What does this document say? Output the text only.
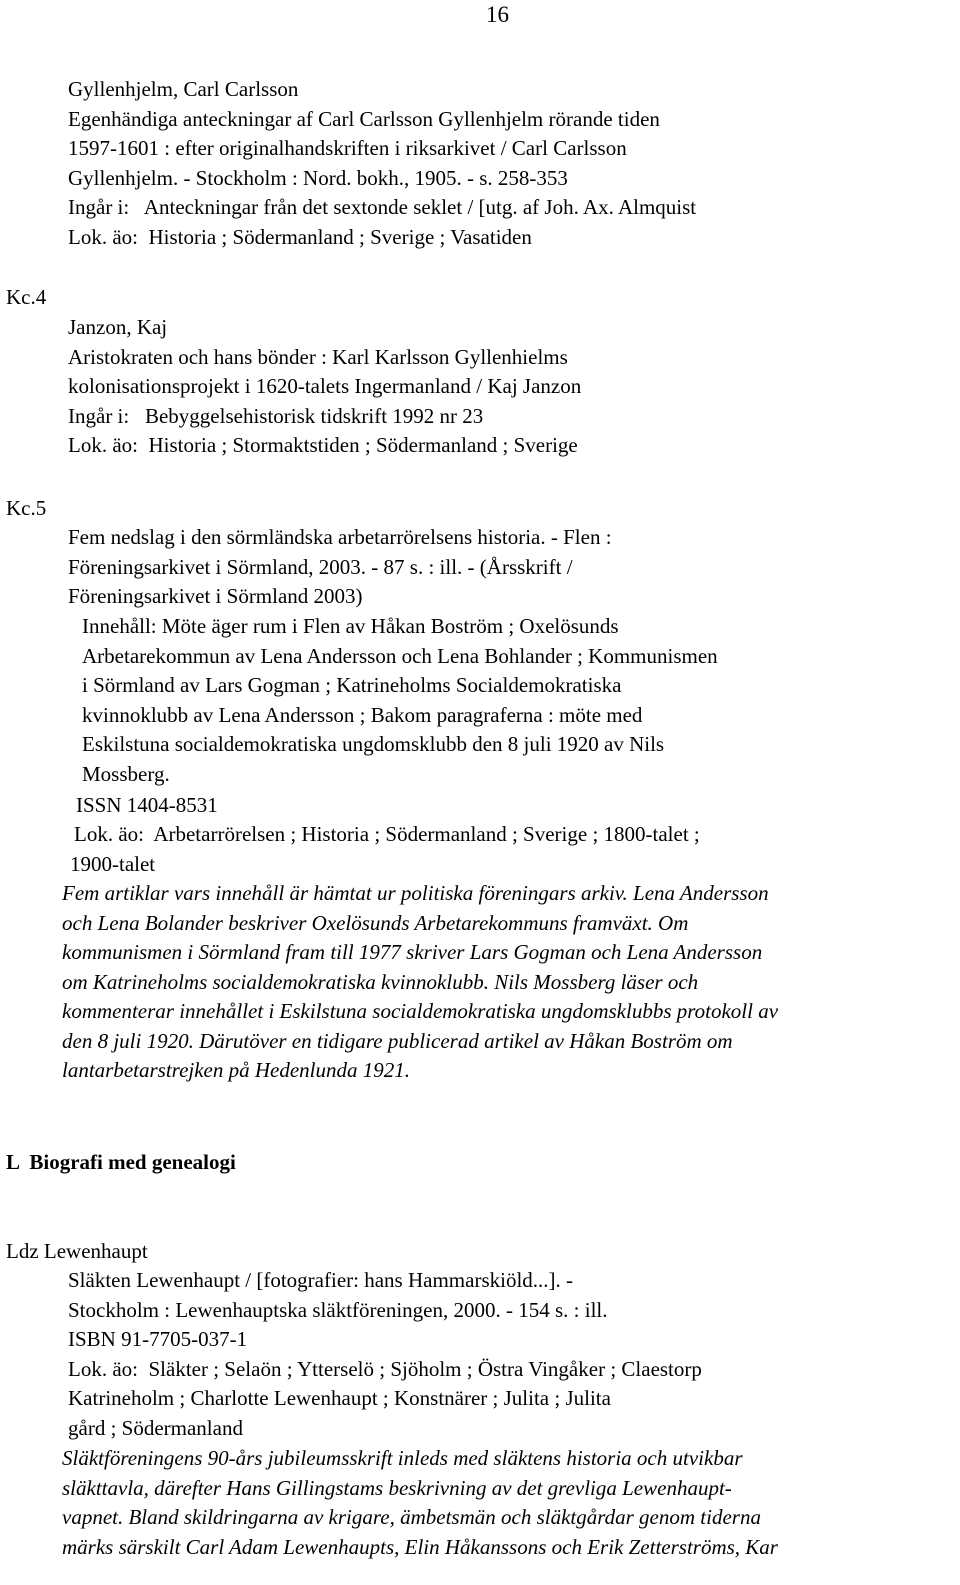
16
Gyllenhjelm, Carl Carlsson
Egenhändiga anteckningar af Carl Carlsson Gyllenhjelm rörande tiden
1597-1601 : efter originalhandskriften i riksarkivet / Carl Carlsson
Gyllenhjelm. - Stockholm : Nord. bokh., 1905. - s. 258-353
Ingår i:   Anteckningar från det sextonde seklet / [utg. af Joh. Ax. Almquist
Lok. äo:  Historia ; Södermanland ; Sverige ; Vasatiden
Kc.4
Janzon, Kaj
Aristokraten och hans bönder : Karl Karlsson Gyllenhielms
kolonisationsprojekt i 1620-talets Ingermanland / Kaj Janzon
Ingår i:   Bebyggelsehistorisk tidskrift 1992 nr 23
Lok. äo:  Historia ; Stormaktstiden ; Södermanland ; Sverige
Kc.5
Fem nedslag i den sörmländska arbetarrörelsens historia. - Flen :
Föreningsarkivet i Sörmland, 2003. - 87 s. : ill. - (Årsskrift /
Föreningsarkivet i Sörmland 2003)
Innehåll: Möte äger rum i Flen av Håkan Boström ; Oxelösunds
Arbetarekommun av Lena Andersson och Lena Bohlander ; Kommunismen
i Sörmland av Lars Gogman ; Katrineholms Socialdemokratiska
kvinnoklubb av Lena Andersson ; Bakom paragraferna : möte med
Eskilstuna socialdemokratiska ungdomsklubb den 8 juli 1920 av Nils
Mossberg.
ISSN 1404-8531
Lok. äo:  Arbetarrörelsen ; Historia ; Södermanland ; Sverige ; 1800-talet ;
1900-talet
Fem artiklar vars innehåll är hämtat ur politiska föreningars arkiv. Lena Andersson
och Lena Bolander beskriver Oxelösunds Arbetarekommuns framväxt. Om
kommunismen i Sörmland fram till 1977 skriver Lars Gogman och Lena Andersson
om Katrineholms socialdemokratiska kvinnoklubb. Nils Mossberg läser och
kommenterar innehållet i Eskilstuna socialdemokratiska ungdomsklubbs protokoll av
den 8 juli 1920. Därutöver en tidigare publicerad artikel av Håkan Boström om
lantarbetarstrejken på Hedenlunda 1921.
L  Biografi med genealogi
Ldz Lewenhaupt
Släkten Lewenhaupt / [fotografier: hans Hammarskiöld...]. -
Stockholm : Lewenhauptska släktföreningen, 2000. - 154 s. : ill.
ISBN 91-7705-037-1
Lok. äo:  Släkter ; Selaön ; Ytterselö ; Sjöholm ; Östra Vingåker ; Claestorp
Katrineholm ; Charlotte Lewenhaupt ; Konstnärer ; Julita ; Julita
gård ; Södermanland
Släktföreningens 90-års jubileumsskrift inleds med släktens historia och utvikbar
släkttavla, därefter Hans Gillingstams beskrivning av det grevliga Lewenhaupt-
vapnet. Bland skildringarna av krigare, ämbetsmän och släktgårdar genom tiderna
märks särskilt Carl Adam Lewenhaupts, Elin Håkanssons och Erik Zetterströms, Kar
